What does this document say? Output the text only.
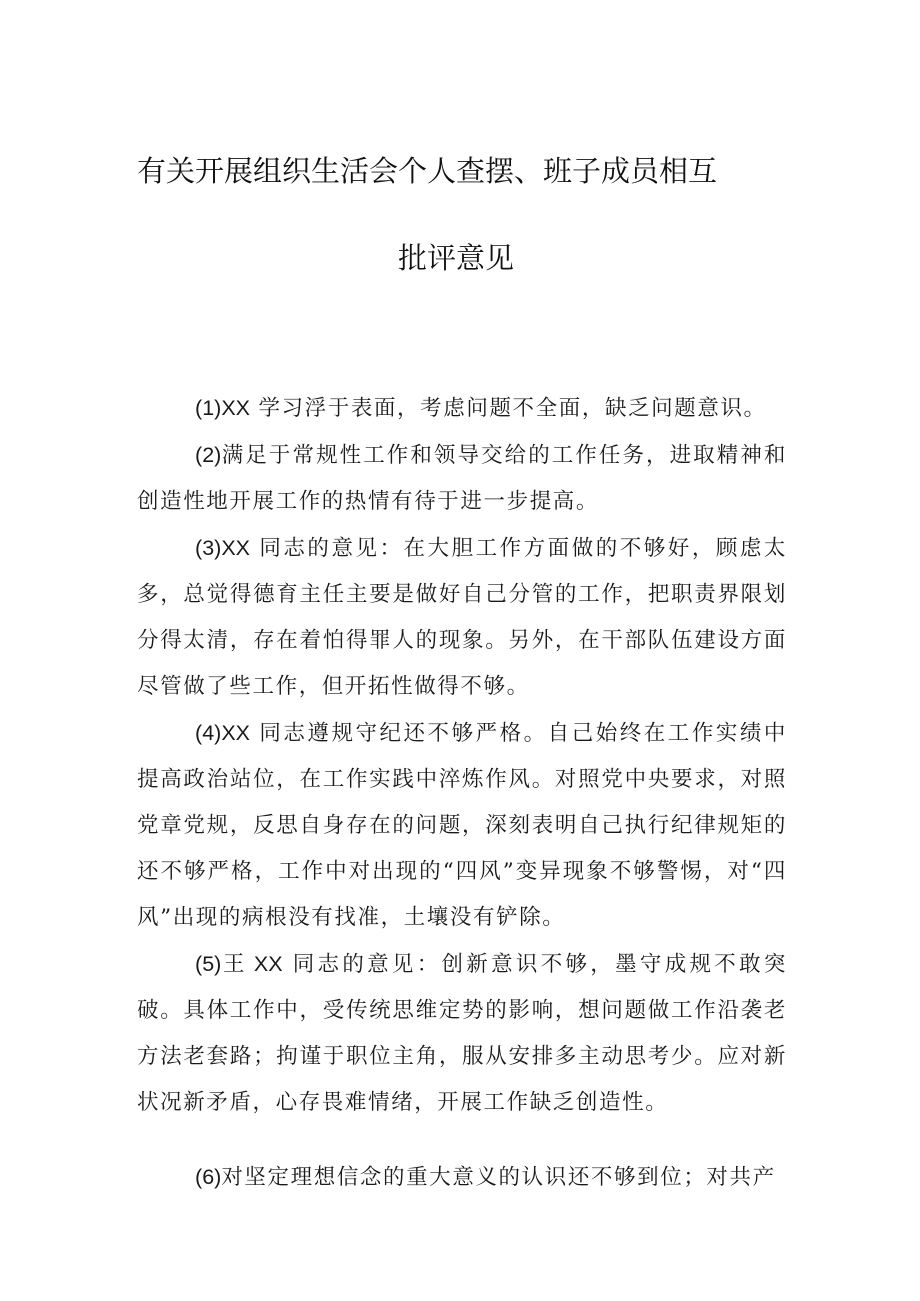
有关开展组织生活会个人查摆、班子成员相互
批评意见

(1)XX 学习浮于表面，考虑问题不全面，缺乏问题意识。

(2)满足于常规性工作和领导交给的工作任务，进取精神和创造性地开展工作的热情有待于进一步提高。

(3)XX 同志的意见：在大胆工作方面做的不够好，顾虑太多，总觉得德育主任主要是做好自己分管的工作，把职责界限划分得太清，存在着怕得罪人的现象。另外，在干部队伍建设方面尽管做了些工作，但开拓性做得不够。

(4)XX 同志遵规守纪还不够严格。自己始终在工作实绩中提高政治站位，在工作实践中淬炼作风。对照党中央要求，对照党章党规，反思自身存在的问题，深刻表明自己执行纪律规矩的还不够严格，工作中对出现的“四风”变异现象不够警惕，对“四风”出现的病根没有找准，土壤没有铲除。

(5)王 XX 同志的意见：创新意识不够，墨守成规不敢突破。具体工作中，受传统思维定势的影响，想问题做工作沿袭老方法老套路；拘谨于职位主角，服从安排多主动思考少。应对新状况新矛盾，心存畏难情绪，开展工作缺乏创造性。

(6)对坚定理想信念的重大意义的认识还不够到位；对共产
